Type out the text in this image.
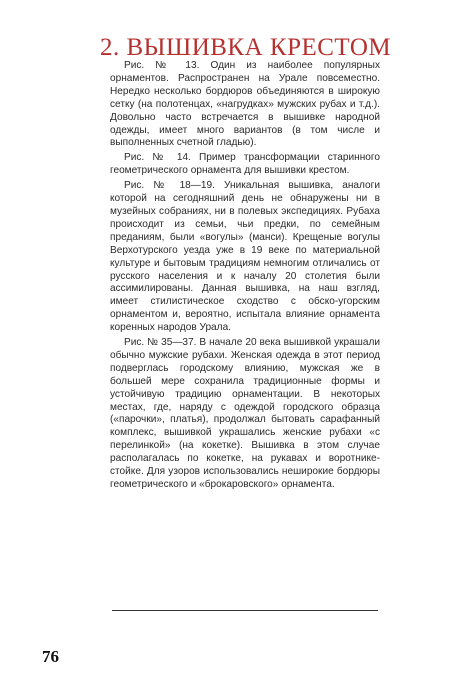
2. ВЫШИВКА КРЕСТОМ

Рис. № 13. Один из наиболее популярных орнаментов. Распространен на Урале повсеместно. Нередко несколько бордюров объединяются в широкую сетку (на полотенцах, «нагрудках» мужских рубах и т.д.). Довольно часто встречается в вышивке народной одежды, имеет много вариантов (в том числе и выполненных счетной гладью).

Рис. № 14. Пример трансформации старинного геометрического орнамента для вышивки крестом.

Рис. № 18—19. Уникальная вышивка, аналоги которой на сегодняшний день не обнаружены ни в музейных собраниях, ни в полевых экспедициях. Рубаха происходит из семьи, чьи предки, по семейным преданиям, были «вогулы» (манси). Крещеные вогулы Верхотурского уезда уже в 19 веке по материальной культуре и бытовым традициям немногим отличались от русского населения и к началу 20 столетия были ассимилированы. Данная вышивка, на наш взгляд, имеет стилистическое сходство с обско-угорским орнаментом и, вероятно, испытала влияние орнамента коренных народов Урала.

Рис. № 35—37. В начале 20 века вышивкой украшали обычно мужские рубахи. Женская одежда в этот период подверглась городскому влиянию, мужская же в большей мере сохранила традиционные формы и устойчивую традицию орнаментации. В некоторых местах, где, наряду с одеждой городского образца («парочки», платья), продолжал бытовать сарафанный комплекс, вышивкой украшались женские рубахи «с перелинкой» (на кокетке). Вышивка в этом случае располагалась по кокетке, на рукавах и воротнике-стойке. Для узоров использовались неширокие бордюры геометрического и «брокаровского» орнамента.

76
